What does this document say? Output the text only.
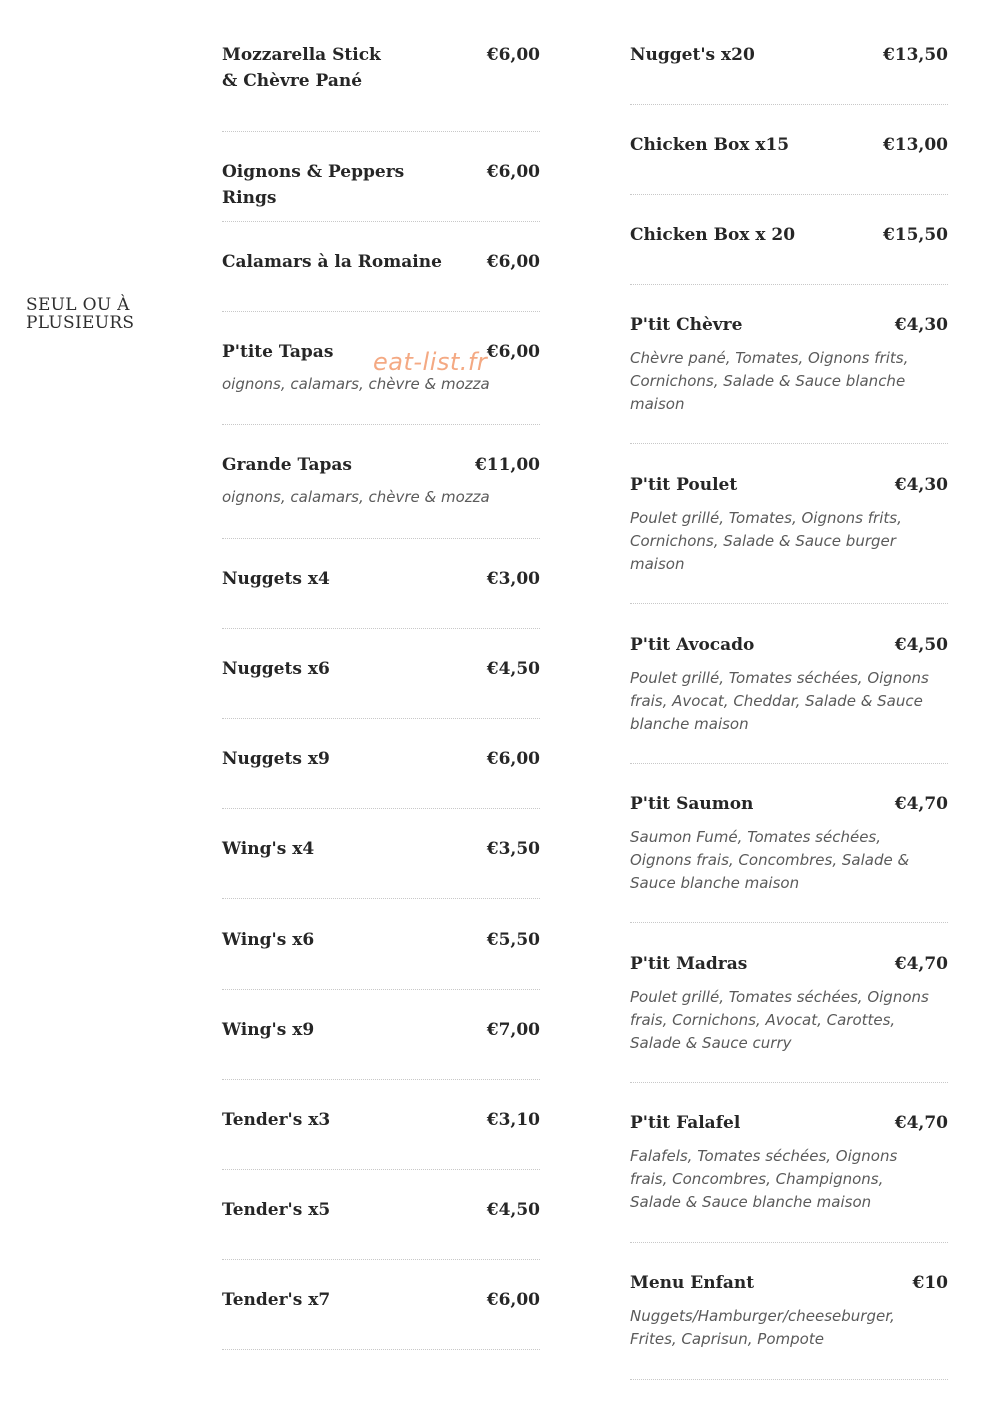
SEUL OU À PLUSIEURS
eat-list.fr
Mozzarella Stick & Chèvre Pané
€6,00
Oignons & Peppers Rings
€6,00
Calamars à la Romaine	€6,00
P'tite Tapas	€6,00
oignons, calamars, chèvre & mozza
Grande Tapas	€11,00
oignons, calamars, chèvre & mozza
Nuggets x4	€3,00
Nuggets x6	€4,50
Nuggets x9	€6,00
Wing's x4	€3,50
Wing's x6	€5,50
Wing's x9	€7,00
Tender's x3	€3,10
Tender's x5	€4,50
Tender's x7	€6,00
Nugget's x20	€13,50
Chicken Box x15	€13,00
Chicken Box x 20	€15,50
P'tit Chèvre	€4,30
Chèvre pané, Tomates, Oignons frits, Cornichons, Salade & Sauce blanche maison
P'tit Poulet	€4,30
Poulet grillé, Tomates, Oignons frits, Cornichons, Salade & Sauce burger maison
P'tit Avocado	€4,50
Poulet grillé, Tomates séchées, Oignons frais, Avocat, Cheddar, Salade & Sauce blanche maison
P'tit Saumon	€4,70
Saumon Fumé, Tomates séchées, Oignons frais, Concombres, Salade & Sauce blanche maison
P'tit Madras	€4,70
Poulet grillé, Tomates séchées, Oignons frais, Cornichons, Avocat, Carottes, Salade & Sauce curry
P'tit Falafel	€4,70
Falafels, Tomates séchées, Oignons frais, Concombres, Champignons, Salade & Sauce blanche maison
Menu Enfant	€10
Nuggets/Hamburger/cheeseburger, Frites, Caprisun, Pompote
